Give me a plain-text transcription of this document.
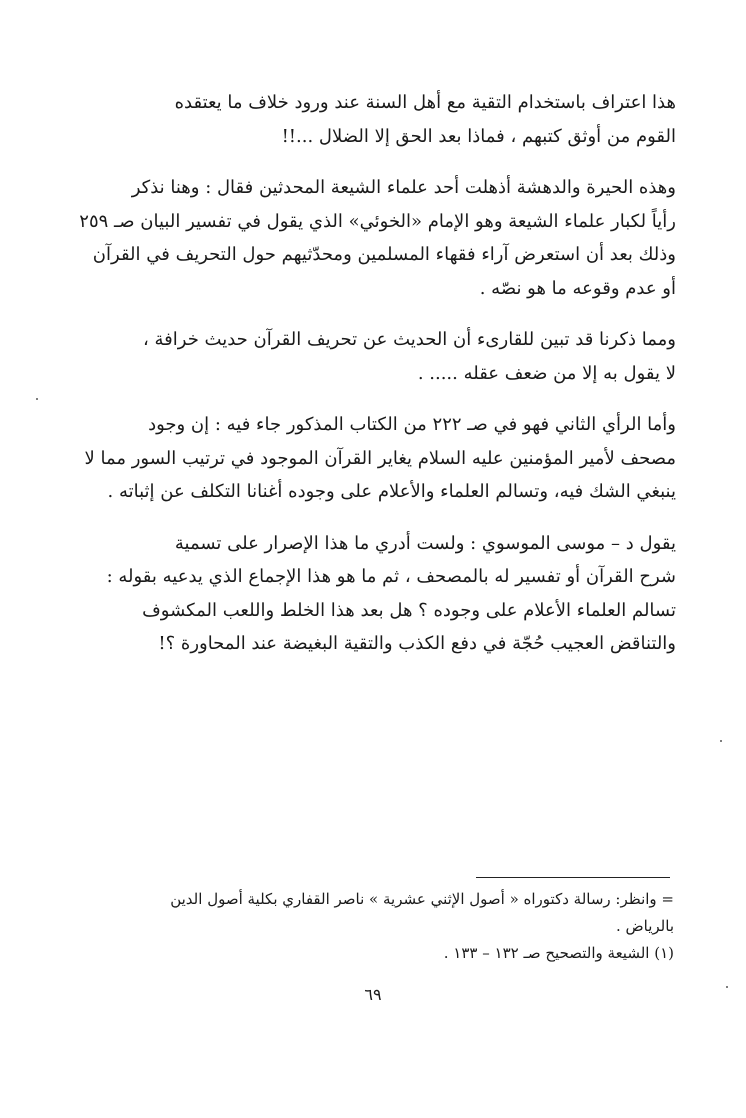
هذا اعتراف باستخدام التقية مع أهل السنة عند ورود خلاف ما يعتقده
القوم من أوثق كتبهم ، فماذا بعد الحق إلا الضلال ...!!

وهذه الحيرة والدهشة أذهلت أحد علماء الشيعة المحدثين فقال : وهنا نذكر
رأياً لكبار علماء الشيعة وهو الإمام «الخوئي» الذي يقول في تفسير البيان صـ ٢٥٩
وذلك بعد أن استعرض آراء فقهاء المسلمين ومحدّثيهم حول التحريف في القرآن
أو عدم وقوعه ما هو نصّه .

ومما ذكرنا قد تبين للقارىء أن الحديث عن تحريف القرآن حديث خرافة ،
لا يقول به إلا من ضعف عقله ..... .

وأما الرأي الثاني فهو في صـ ٢٢٢ من الكتاب المذكور جاء فيه : إن وجود
مصحف لأمير المؤمنين عليه السلام يغاير القرآن الموجود في ترتيب السور مما لا
ينبغي الشك فيه، وتسالم العلماء والأعلام على وجوده أغنانا التكلف عن إثباته .

يقول د – موسى الموسوي : ولست أدري ما هذا الإصرار على تسمية
شرح القرآن أو تفسير له بالمصحف ، ثم ما هو هذا الإجماع الذي يدعيه بقوله :
تسالم العلماء الأعلام على وجوده ؟ هل بعد هذا الخلط واللعب المكشوف
والتناقض العجيب حُجّة في دفع الكذب والتقية البغيضة عند المحاورة ؟!

= وانظر: رسالة دكتوراه « أصول الإثني عشرية » ناصر القفاري بكلية أصول الدين

بالرياض .

(١) الشيعة والتصحيح صـ ١٣٢ – ١٣٣ .

٦٩
